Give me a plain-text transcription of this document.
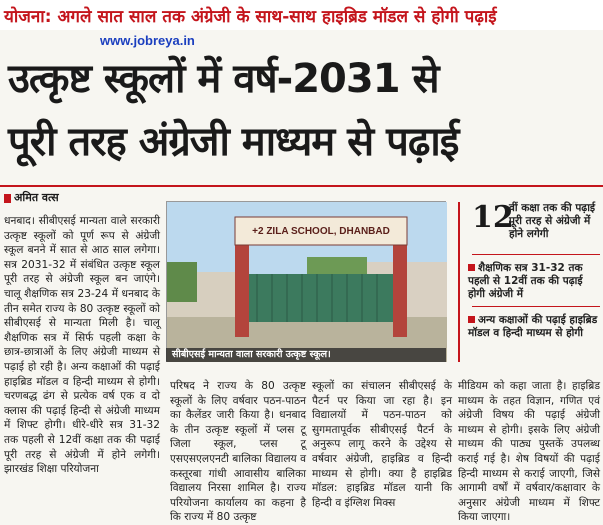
योजना: अगले सात साल तक अंग्रेजी के साथ-साथ हाइब्रिड मॉडल से होगी पढ़ाई
www.jobreya.in
उत्कृष्ट स्कूलों में वर्ष-2031 से
पूरी तरह अंग्रेजी माध्यम से पढ़ाई
अमित वत्स
धनबाद। सीबीएसई मान्यता वाले सरकारी उत्कृष्ट स्कूलों को पूर्ण रूप से अंग्रेजी स्कूल बनने में सात से आठ साल लगेगा। सत्र 2031-32 में संबंधित उत्कृष्ट स्कूल पूरी तरह से अंग्रेजी स्कूल बन जाएंगे। चालू शैक्षणिक सत्र 23-24 में धनबाद के तीन समेत राज्य के 80 उत्कृष्ट स्कूलों को सीबीएसई से मान्यता मिली है। चालू शैक्षणिक सत्र में सिर्फ पहली कक्षा के छात्र-छात्राओं के लिए अंग्रेजी माध्यम से पढ़ाई हो रही है। अन्य कक्षाओं की पढ़ाई हाइब्रिड मॉडल व हिन्दी माध्यम से होगी। चरणबद्ध ढंग से प्रत्येक वर्ष एक व दो क्लास की पढ़ाई हिन्दी से अंग्रेजी माध्यम में शिफ्ट होगी। धीरे-धीरे सत्र 31-32 तक पहली से 12वीं कक्षा तक की पढ़ाई पूरी तरह से अंग्रेजी में होने लगेगी। झारखंड शिक्षा परियोजना
+2 ZILA SCHOOL, DHANBAD
सीबीएसई मान्यता वाला सरकारी उत्कृष्ट स्कूल।
12
वीं कक्षा तक की पढ़ाई पूरी तरह से अंग्रेजी में होने लगेगी
शैक्षणिक सत्र 31-32 तक पहली से 12वीं तक की पढ़ाई होगी अंग्रेजी में
अन्य कक्षाओं की पढ़ाई हाइब्रिड मॉडल व हिन्दी माध्यम से होगी
परिषद ने राज्य के 80 उत्कृष्ट स्कूलों के लिए वर्षवार पठन-पाठन का कैलेंडर जारी किया है। धनबाद के तीन उत्कृष्ट स्कूलों में प्लस टू जिला स्कूल, प्लस टू एसएसएलएनटी बालिका विद्यालय व कस्तूरबा गांधी आवासीय बालिका विद्यालय निरसा शामिल है। राज्य परियोजना कार्यालय का कहना है कि राज्य में 80 उत्कृष्ट
स्कूलों का संचालन सीबीएसई के पैटर्न पर किया जा रहा है। इन विद्यालयों में पठन-पाठन को सुगमतापूर्वक सीबीएसई पैटर्न के अनुरूप लागू करने के उद्देश्य से वर्षवार अंग्रेजी, हाइब्रिड व हिन्दी माध्यम से होगी। क्या है हाइब्रिड मॉडल: हाइब्रिड मॉडल यानी कि हिन्दी व इंग्लिश मिक्स
मीडियम को कहा जाता है। हाइब्रिड माध्यम के तहत विज्ञान, गणित एवं अंग्रेजी विषय की पढ़ाई अंग्रेजी माध्यम से होगी। इसके लिए अंग्रेजी माध्यम की पाठ्य पुस्तकें उपलब्ध कराई गई है। शेष विषयों की पढ़ाई हिन्दी माध्यम से कराई जाएगी, जिसे आगामी वर्षों में वर्षवार/कक्षावार के अनुसार अंग्रेजी माध्यम में शिफ्ट किया जाएगा।
